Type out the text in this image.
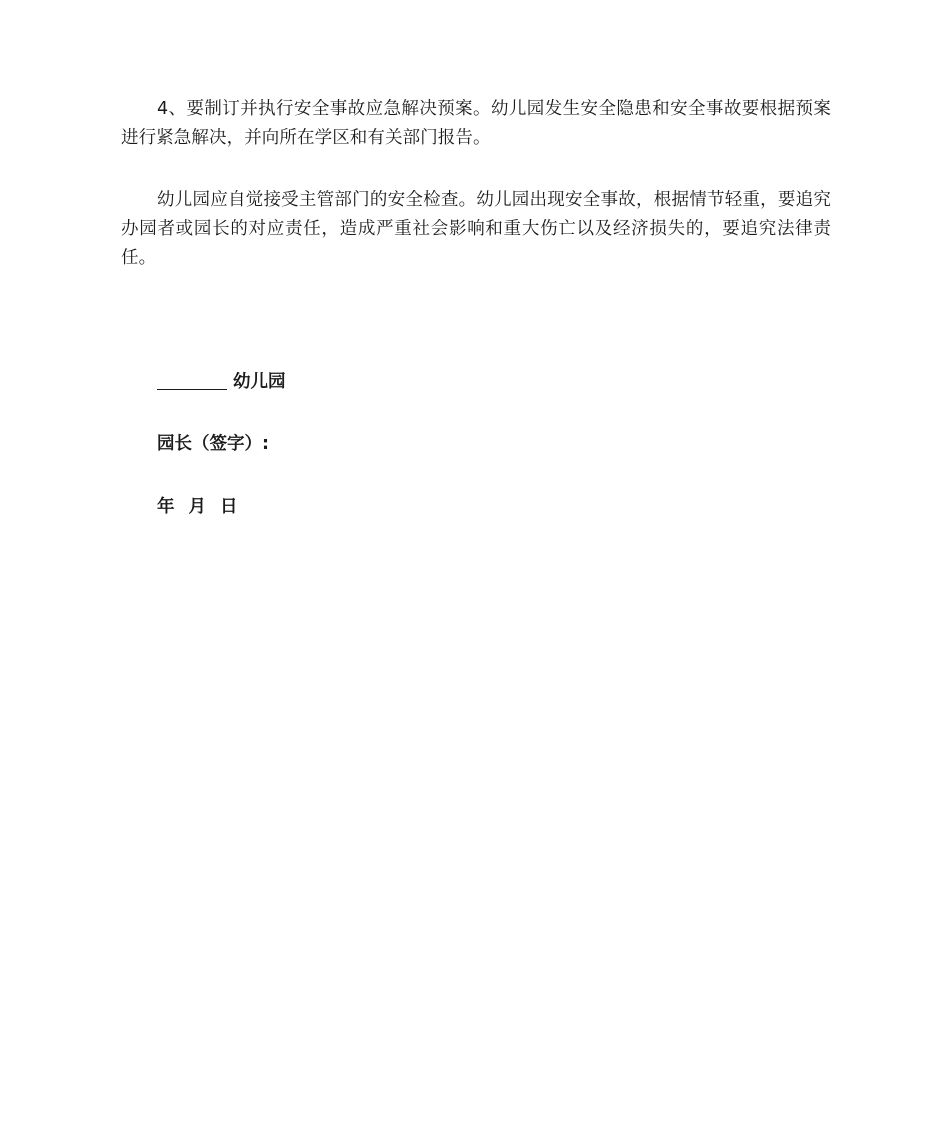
4、要制订并执行安全事故应急解决预案。幼儿园发生安全隐患和安全事故要根据预案进行紧急解决，并向所在学区和有关部门报告。

幼儿园应自觉接受主管部门的安全检查。幼儿园出现安全事故，根据情节轻重，要追究办园者或园长的对应责任，造成严重社会影响和重大伤亡以及经济损失的，要追究法律责任。

幼儿园

园长（签字）:

年 月 日
